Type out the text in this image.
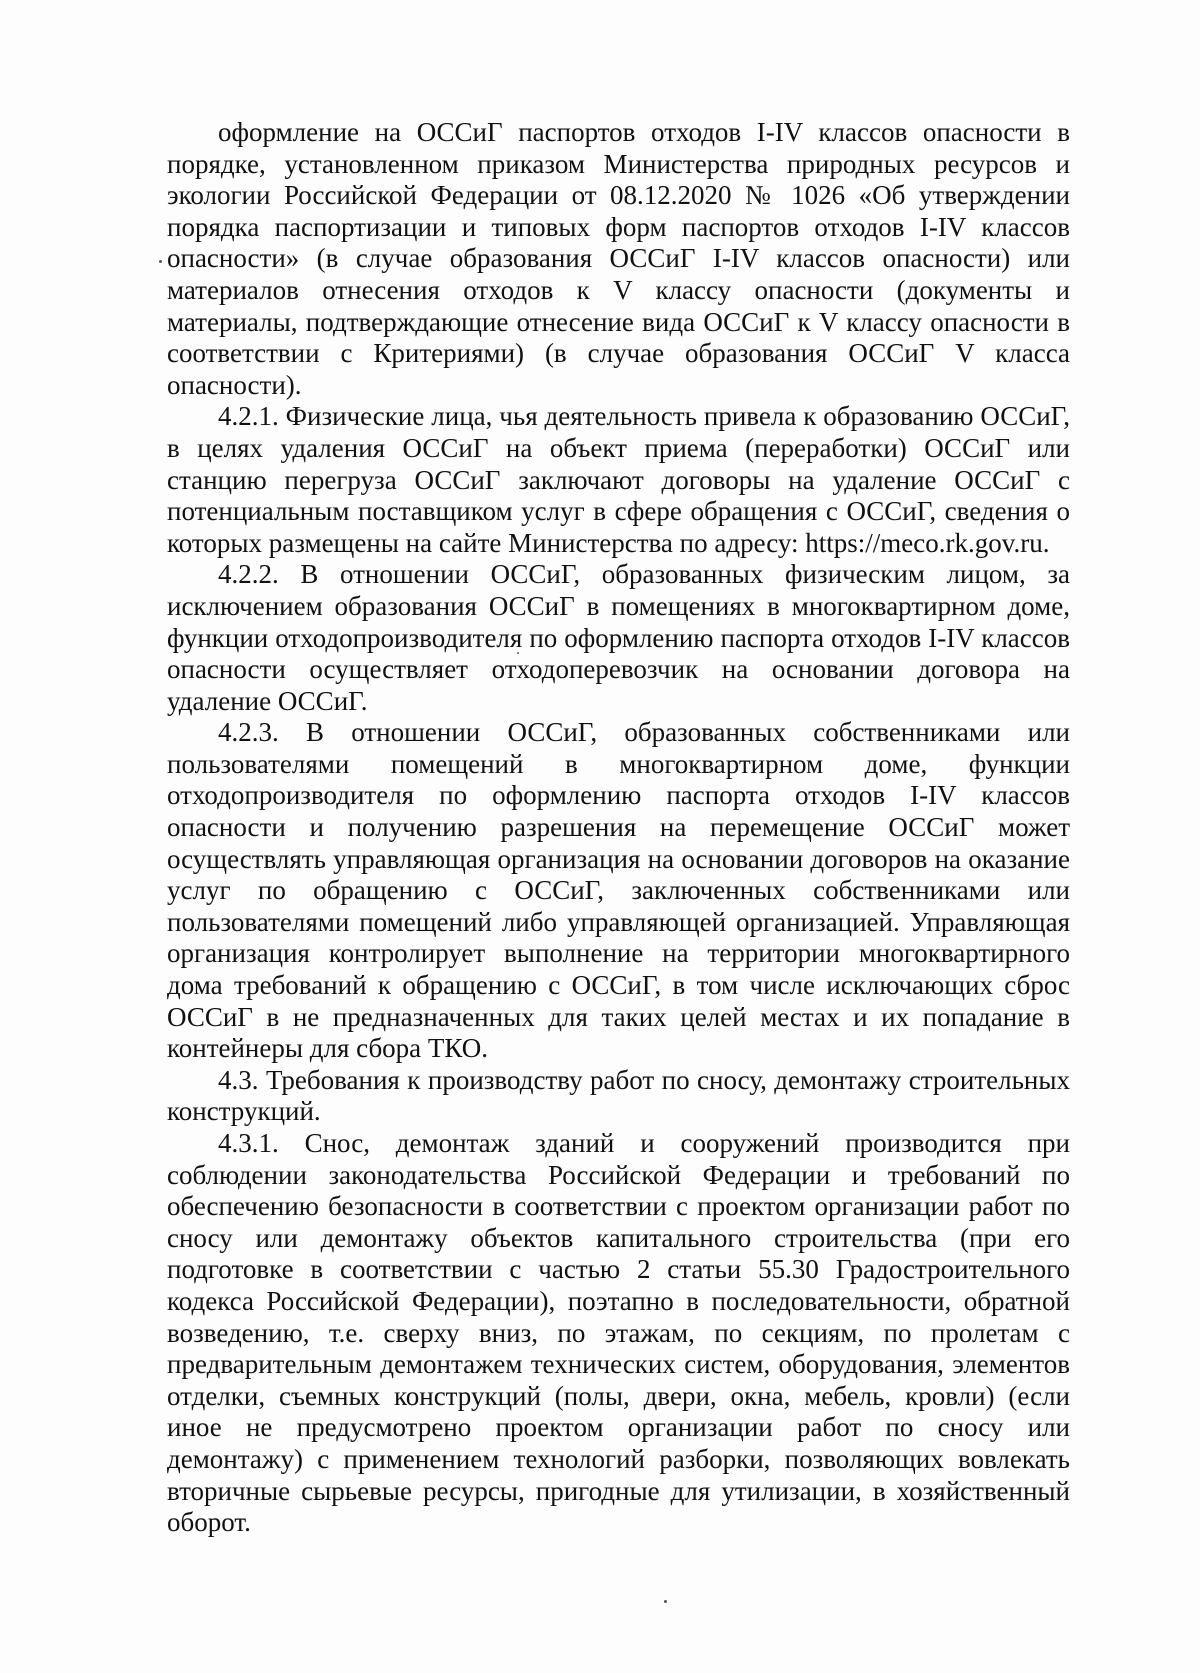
оформление на ОССиГ паспортов отходов I-IV классов опасности в порядке, установленном приказом Министерства природных ресурсов и экологии Российской Федерации от 08.12.2020 № 1026 «Об утверждении порядка паспортизации и типовых форм паспортов отходов I-IV классов опасности» (в случае образования ОССиГ I-IV классов опасности) или материалов отнесения отходов к V классу опасности (документы и материалы, подтверждающие отнесение вида ОССиГ к V классу опасности в соответствии с Критериями) (в случае образования ОССиГ V класса опасности).

4.2.1. Физические лица, чья деятельность привела к образованию ОССиГ, в целях удаления ОССиГ на объект приема (переработки) ОССиГ или станцию перегруза ОССиГ заключают договоры на удаление ОССиГ с потенциальным поставщиком услуг в сфере обращения с ОССиГ, сведения о которых размещены на сайте Министерства по адресу: https://meco.rk.gov.ru.

4.2.2. В отношении ОССиГ, образованных физическим лицом, за исключением образования ОССиГ в помещениях в многоквартирном доме, функции отходопроизводителя по оформлению паспорта отходов I-IV классов опасности осуществляет отходоперевозчик на основании договора на удаление ОССиГ.

4.2.3. В отношении ОССиГ, образованных собственниками или пользователями помещений в многоквартирном доме, функции отходопроизводителя по оформлению паспорта отходов I-IV классов опасности и получению разрешения на перемещение ОССиГ может осуществлять управляющая организация на основании договоров на оказание услуг по обращению с ОССиГ, заключенных собственниками или пользователями помещений либо управляющей организацией. Управляющая организация контролирует выполнение на территории многоквартирного дома требований к обращению с ОССиГ, в том числе исключающих сброс ОССиГ в не предназначенных для таких целей местах и их попадание в контейнеры для сбора ТКО.

4.3. Требования к производству работ по сносу, демонтажу строительных конструкций.

4.3.1. Снос, демонтаж зданий и сооружений производится при соблюдении законодательства Российской Федерации и требований по обеспечению безопасности в соответствии с проектом организации работ по сносу или демонтажу объектов капитального строительства (при его подготовке в соответствии с частью 2 статьи 55.30 Градостроительного кодекса Российской Федерации), поэтапно в последовательности, обратной возведению, т.е. сверху вниз, по этажам, по секциям, по пролетам с предварительным демонтажем технических систем, оборудования, элементов отделки, съемных конструкций (полы, двери, окна, мебель, кровли) (если иное не предусмотрено проектом организации работ по сносу или демонтажу) с применением технологий разборки, позволяющих вовлекать вторичные сырьевые ресурсы, пригодные для утилизации, в хозяйственный оборот.
